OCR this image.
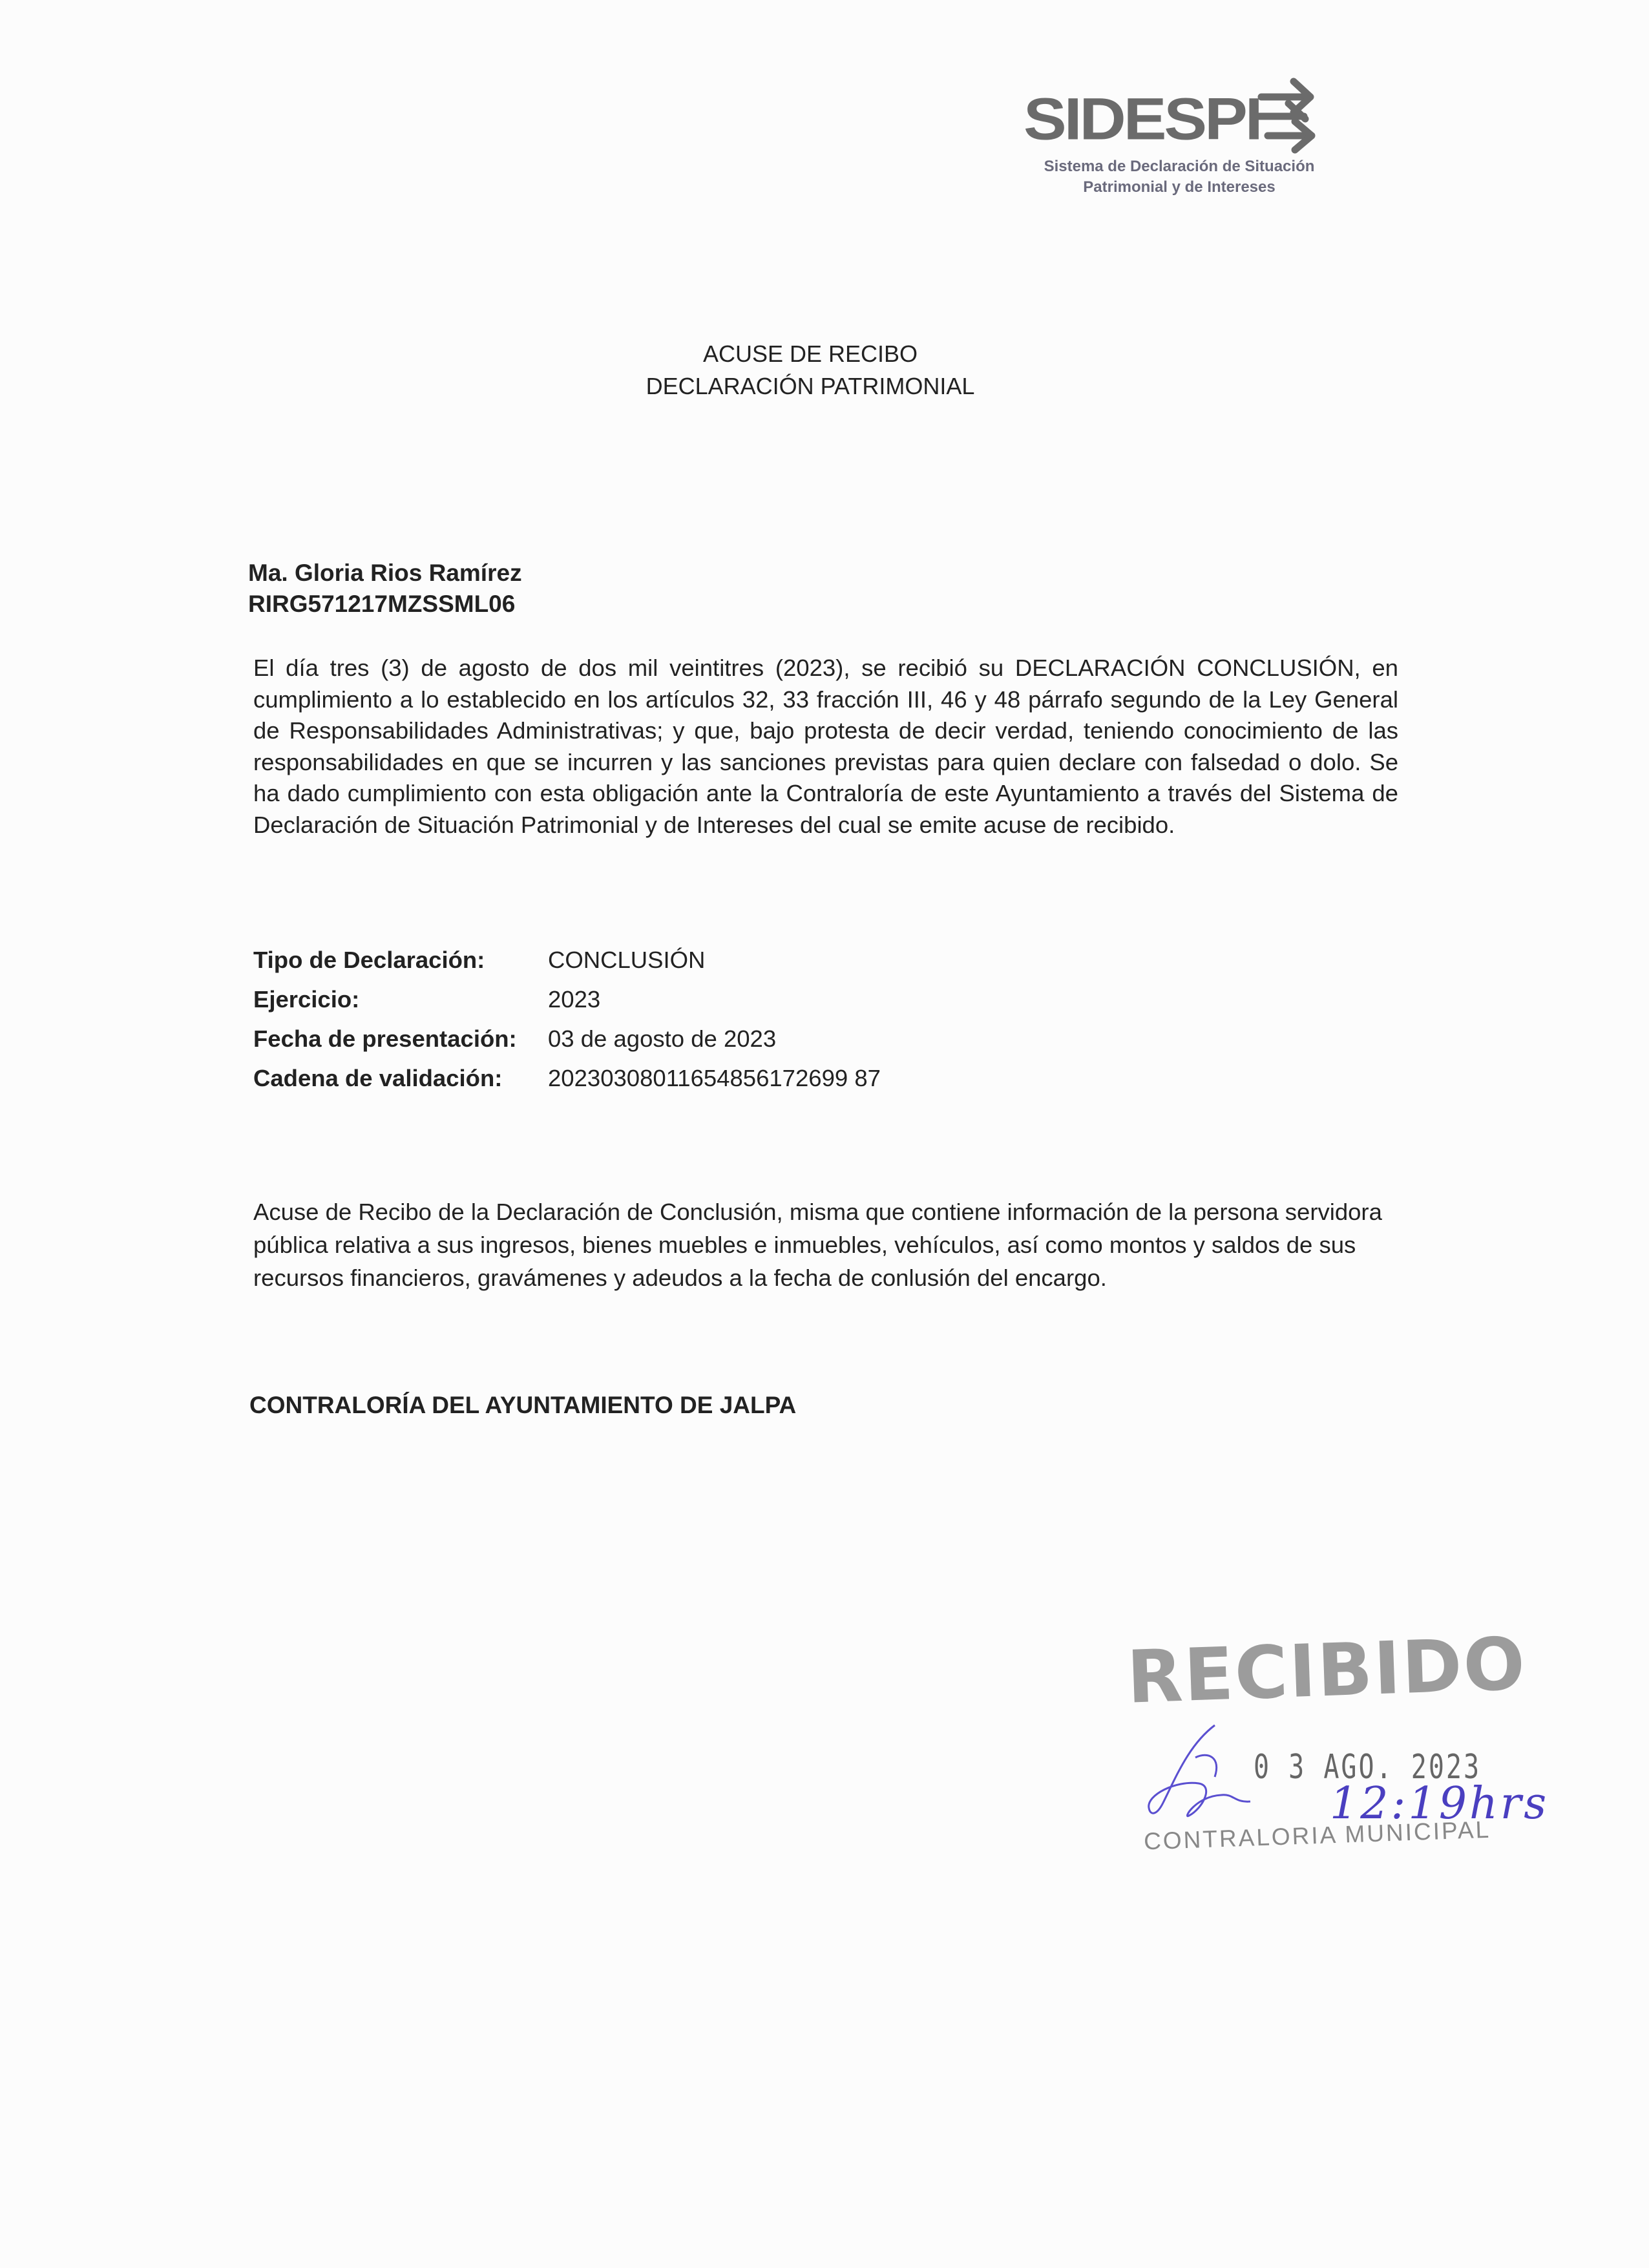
SIDESPI
Sistema de Declaración de Situación
Patrimonial y de Intereses
ACUSE DE RECIBO
DECLARACIÓN PATRIMONIAL
Ma. Gloria Rios Ramírez
RIRG571217MZSSML06
El día tres (3) de agosto de dos mil veintitres (2023), se recibió su DECLARACIÓN CONCLUSIÓN, en cumplimiento a lo establecido en los artículos 32, 33 fracción III, 46 y 48 párrafo segundo de la Ley General de Responsabilidades Administrativas; y que, bajo protesta de decir verdad, teniendo conocimiento de las responsabilidades en que se incurren y las sanciones previstas para quien declare con falsedad o dolo. Se ha dado cumplimiento con esta obligación ante la Contraloría de este Ayuntamiento a través del Sistema de Declaración de Situación Patrimonial y de Intereses del cual se emite acuse de recibido.
Tipo de Declaración:	CONCLUSIÓN
Ejercicio:	2023
Fecha de presentación:	03 de agosto de 2023
Cadena de validación:	20230308011654856172699 87
Acuse de Recibo de la Declaración de Conclusión, misma que contiene información de la persona servidora pública relativa a sus ingresos, bienes muebles e inmuebles, vehículos, así como montos y saldos de sus recursos financieros, gravámenes y adeudos a la fecha de conlusión del encargo.
CONTRALORÍA DEL AYUNTAMIENTO DE JALPA
RECIBIDO
0 3 AGO. 2023
12:19hrs
CONTRALORIA MUNICIPAL
